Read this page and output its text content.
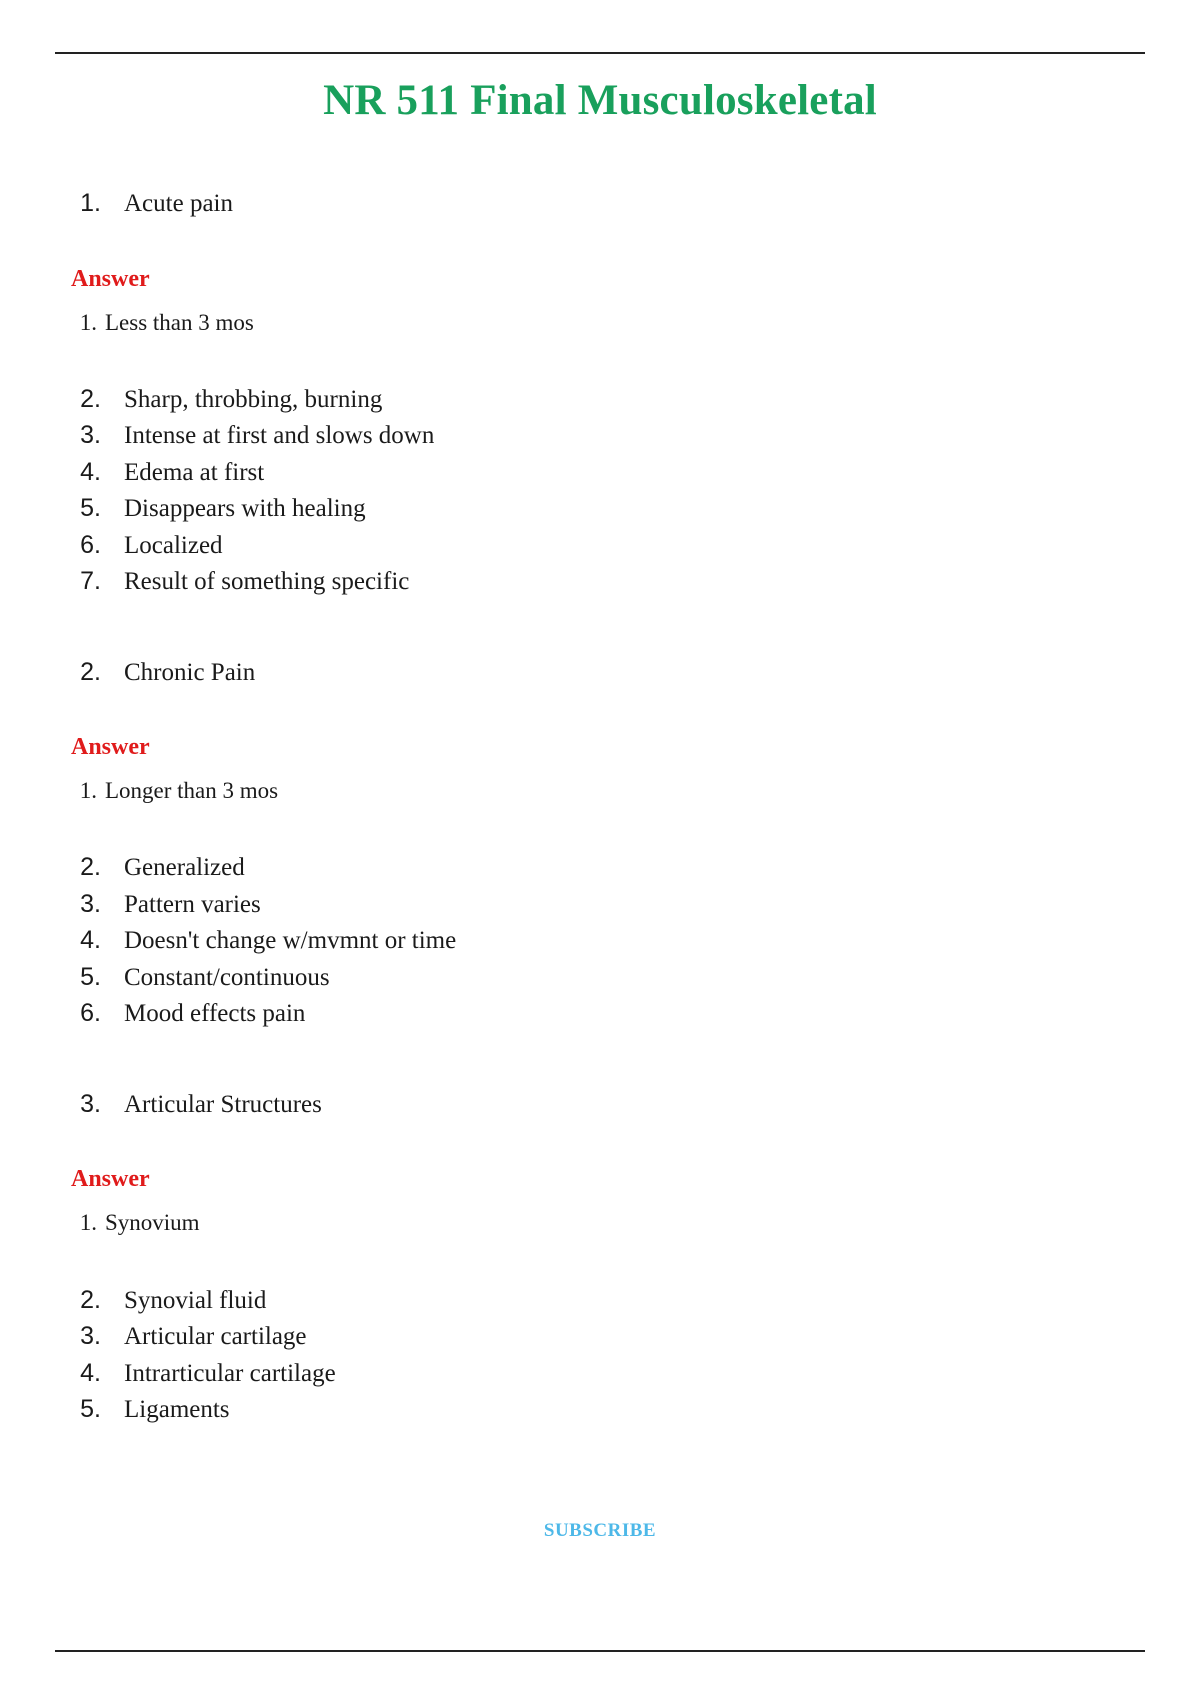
NR 511 Final Musculoskeletal
1. Acute pain
Answer
1. Less than 3 mos
2. Sharp, throbbing, burning
3. Intense at first and slows down
4. Edema at first
5. Disappears with healing
6. Localized
7. Result of something specific
2. Chronic Pain
Answer
1. Longer than 3 mos
2. Generalized
3. Pattern varies
4. Doesn't change w/mvmnt or time
5. Constant/continuous
6. Mood effects pain
3. Articular Structures
Answer
1. Synovium
2. Synovial fluid
3. Articular cartilage
4. Intrarticular cartilage
5. Ligaments
SUBSCRIBE
